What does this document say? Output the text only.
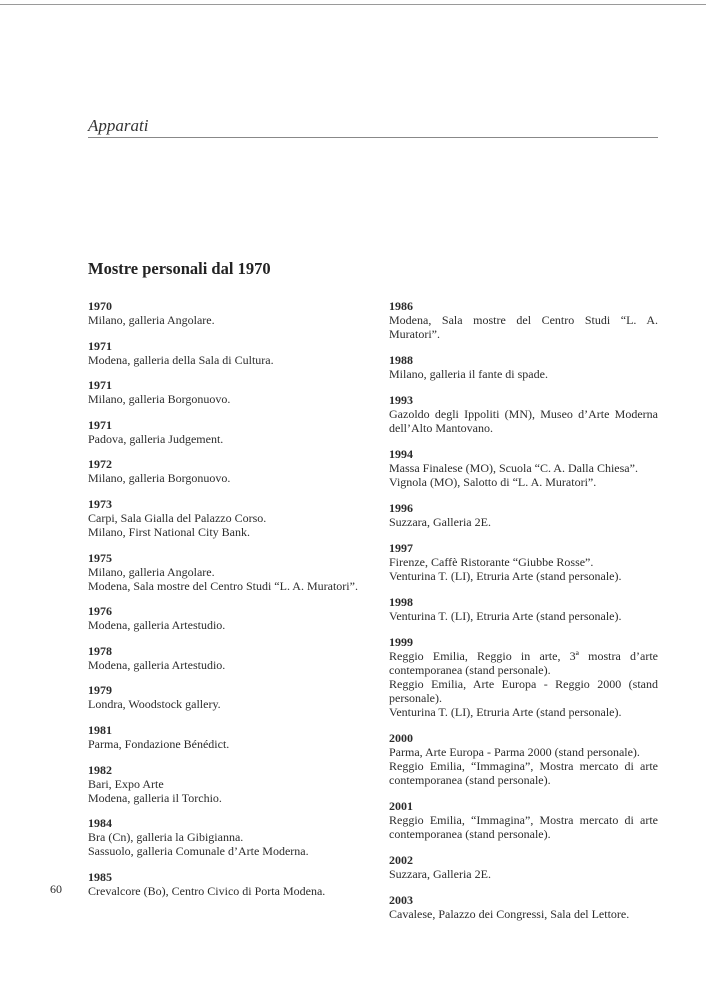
Apparati
Mostre personali dal 1970
1970
Milano, galleria Angolare.
1971
Modena, galleria della Sala di Cultura.
1971
Milano, galleria Borgonuovo.
1971
Padova, galleria Judgement.
1972
Milano, galleria Borgonuovo.
1973
Carpi, Sala Gialla del Palazzo Corso.
Milano, First National City Bank.
1975
Milano, galleria Angolare.
Modena, Sala mostre del Centro Studi “L. A. Muratori”.
1976
Modena, galleria Artestudio.
1978
Modena, galleria Artestudio.
1979
Londra, Woodstock gallery.
1981
Parma, Fondazione Bénédict.
1982
Bari, Expo Arte
Modena, galleria il Torchio.
1984
Bra (Cn), galleria la Gibigianna.
Sassuolo, galleria Comunale d’Arte Moderna.
1985
Crevalcore (Bo), Centro Civico di Porta Modena.
1986
Modena, Sala mostre del Centro Studi “L. A. Muratori”.
1988
Milano, galleria il fante di spade.
1993
Gazoldo degli Ippoliti (MN), Museo d’Arte Moderna dell’Alto Mantovano.
1994
Massa Finalese (MO), Scuola “C. A. Dalla Chiesa”.
Vignola (MO), Salotto di “L. A. Muratori”.
1996
Suzzara, Galleria 2E.
1997
Firenze, Caffè Ristorante “Giubbe Rosse”.
Venturina T. (LI), Etruria Arte (stand personale).
1998
Venturina T. (LI), Etruria Arte (stand personale).
1999
Reggio Emilia, Reggio in arte, 3ª mostra d’arte contemporanea (stand personale).
Reggio Emilia, Arte Europa - Reggio 2000 (stand personale).
Venturina T. (LI), Etruria Arte (stand personale).
2000
Parma, Arte Europa - Parma 2000 (stand personale).
Reggio Emilia, “Immagina”, Mostra mercato di arte contemporanea (stand personale).
2001
Reggio Emilia, “Immagina”, Mostra mercato di arte contemporanea (stand personale).
2002
Suzzara, Galleria 2E.
2003
Cavalese, Palazzo dei Congressi, Sala del Lettore.
60
